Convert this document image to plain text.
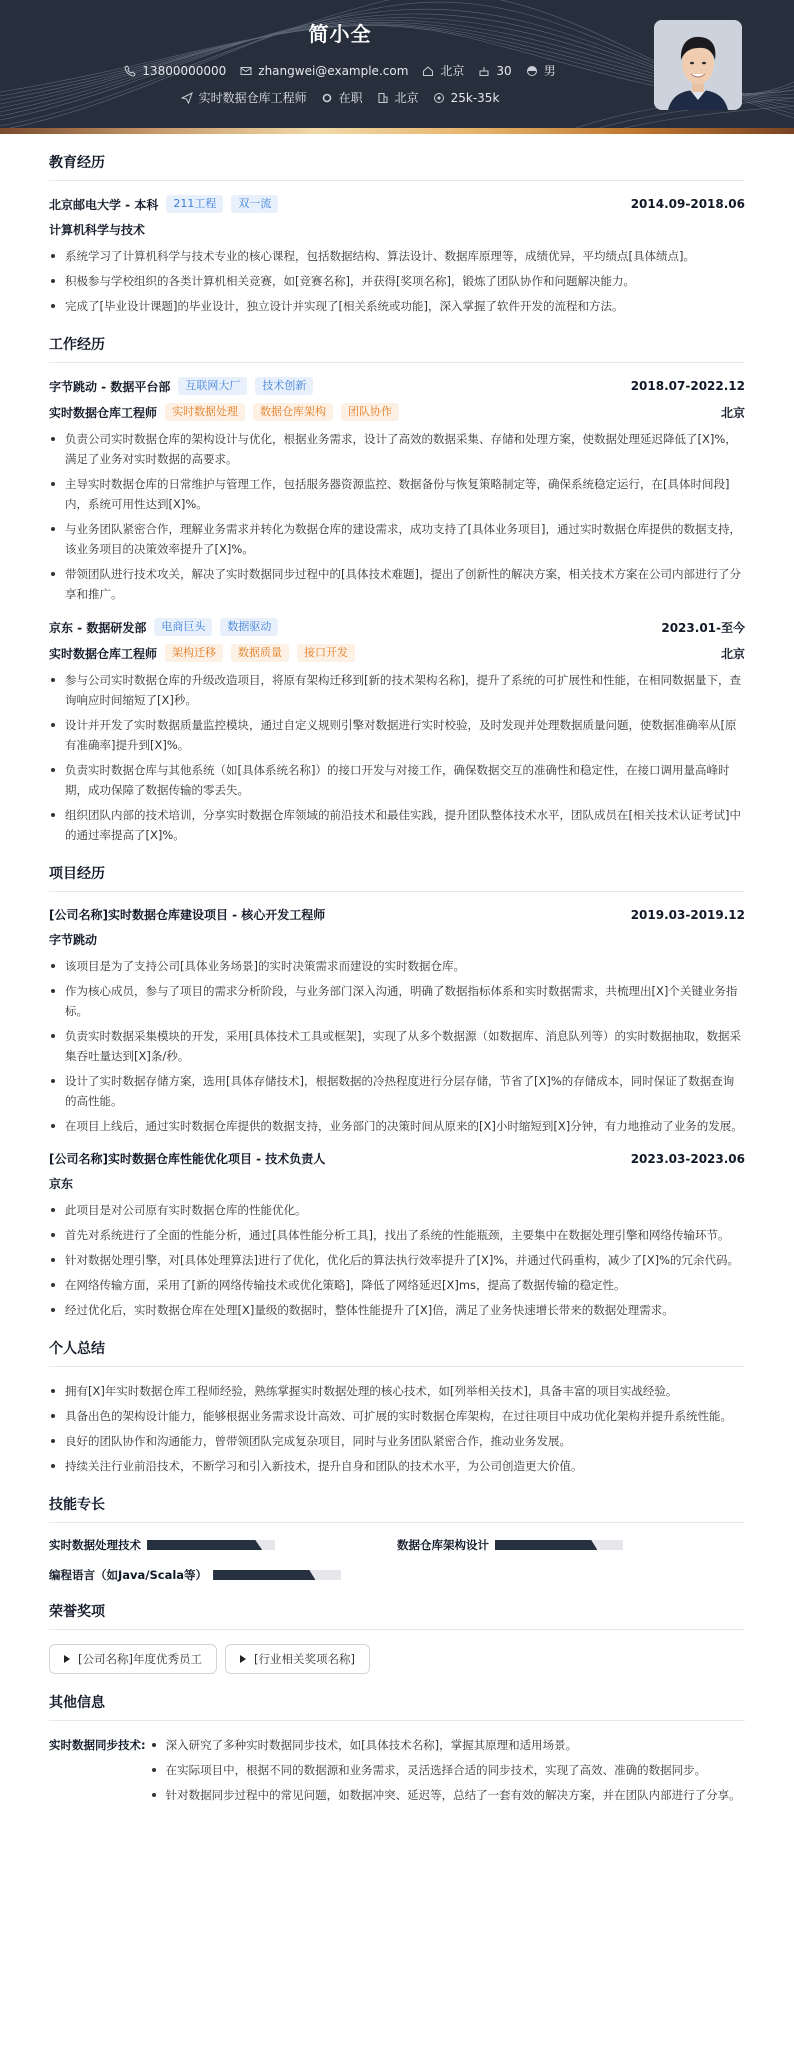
简小全
13800000000	zhangwei@example.com	北京	30	男
实时数据仓库工程师	在职	北京	25k-35k
教育经历
北京邮电大学 - 本科	211工程	双一流	2014.09-2018.06
计算机科学与技术
系统学习了计算机科学与技术专业的核心课程，包括数据结构、算法设计、数据库原理等，成绩优异，平均绩点[具体绩点]。
积极参与学校组织的各类计算机相关竞赛，如[竞赛名称]，并获得[奖项名称]，锻炼了团队协作和问题解决能力。
完成了[毕业设计课题]的毕业设计，独立设计并实现了[相关系统或功能]，深入掌握了软件开发的流程和方法。
工作经历
字节跳动 - 数据平台部	互联网大厂	技术创新	2018.07-2022.12
实时数据仓库工程师	实时数据处理	数据仓库架构	团队协作	北京
负责公司实时数据仓库的架构设计与优化，根据业务需求，设计了高效的数据采集、存储和处理方案，使数据处理延迟降低了[X]%，满足了业务对实时数据的高要求。
主导实时数据仓库的日常维护与管理工作，包括服务器资源监控、数据备份与恢复策略制定等，确保系统稳定运行，在[具体时间段]内，系统可用性达到[X]%。
与业务团队紧密合作，理解业务需求并转化为数据仓库的建设需求，成功支持了[具体业务项目]，通过实时数据仓库提供的数据支持，该业务项目的决策效率提升了[X]%。
带领团队进行技术攻关，解决了实时数据同步过程中的[具体技术难题]，提出了创新性的解决方案，相关技术方案在公司内部进行了分享和推广。
京东 - 数据研发部	电商巨头	数据驱动	2023.01-至今
实时数据仓库工程师	架构迁移	数据质量	接口开发	北京
参与公司实时数据仓库的升级改造项目，将原有架构迁移到[新的技术架构名称]，提升了系统的可扩展性和性能，在相同数据量下，查询响应时间缩短了[X]秒。
设计并开发了实时数据质量监控模块，通过自定义规则引擎对数据进行实时校验，及时发现并处理数据质量问题，使数据准确率从[原有准确率]提升到[X]%。
负责实时数据仓库与其他系统（如[具体系统名称]）的接口开发与对接工作，确保数据交互的准确性和稳定性，在接口调用量高峰时期，成功保障了数据传输的零丢失。
组织团队内部的技术培训，分享实时数据仓库领域的前沿技术和最佳实践，提升团队整体技术水平，团队成员在[相关技术认证考试]中的通过率提高了[X]%。
项目经历
[公司名称]实时数据仓库建设项目 - 核心开发工程师	2019.03-2019.12
字节跳动
该项目是为了支持公司[具体业务场景]的实时决策需求而建设的实时数据仓库。
作为核心成员，参与了项目的需求分析阶段，与业务部门深入沟通，明确了数据指标体系和实时数据需求，共梳理出[X]个关键业务指标。
负责实时数据采集模块的开发，采用[具体技术工具或框架]，实现了从多个数据源（如数据库、消息队列等）的实时数据抽取，数据采集吞吐量达到[X]条/秒。
设计了实时数据存储方案，选用[具体存储技术]，根据数据的冷热程度进行分层存储，节省了[X]%的存储成本，同时保证了数据查询的高性能。
在项目上线后，通过实时数据仓库提供的数据支持，业务部门的决策时间从原来的[X]小时缩短到[X]分钟，有力地推动了业务的发展。
[公司名称]实时数据仓库性能优化项目 - 技术负责人	2023.03-2023.06
京东
此项目是对公司原有实时数据仓库的性能优化。
首先对系统进行了全面的性能分析，通过[具体性能分析工具]，找出了系统的性能瓶颈，主要集中在数据处理引擎和网络传输环节。
针对数据处理引擎，对[具体处理算法]进行了优化，优化后的算法执行效率提升了[X]%，并通过代码重构，减少了[X]%的冗余代码。
在网络传输方面，采用了[新的网络传输技术或优化策略]，降低了网络延迟[X]ms，提高了数据传输的稳定性。
经过优化后，实时数据仓库在处理[X]量级的数据时，整体性能提升了[X]倍，满足了业务快速增长带来的数据处理需求。
个人总结
拥有[X]年实时数据仓库工程师经验，熟练掌握实时数据处理的核心技术，如[列举相关技术]，具备丰富的项目实战经验。
具备出色的架构设计能力，能够根据业务需求设计高效、可扩展的实时数据仓库架构，在过往项目中成功优化架构并提升系统性能。
良好的团队协作和沟通能力，曾带领团队完成复杂项目，同时与业务团队紧密合作，推动业务发展。
持续关注行业前沿技术，不断学习和引入新技术，提升自身和团队的技术水平，为公司创造更大价值。
技能专长
实时数据处理技术	数据仓库架构设计
编程语言（如Java/Scala等）
荣誉奖项
[公司名称]年度优秀员工	[行业相关奖项名称]
其他信息
实时数据同步技术:	深入研究了多种实时数据同步技术，如[具体技术名称]，掌握其原理和适用场景。
在实际项目中，根据不同的数据源和业务需求，灵活选择合适的同步技术，实现了高效、准确的数据同步。
针对数据同步过程中的常见问题，如数据冲突、延迟等，总结了一套有效的解决方案，并在团队内部进行了分享。
